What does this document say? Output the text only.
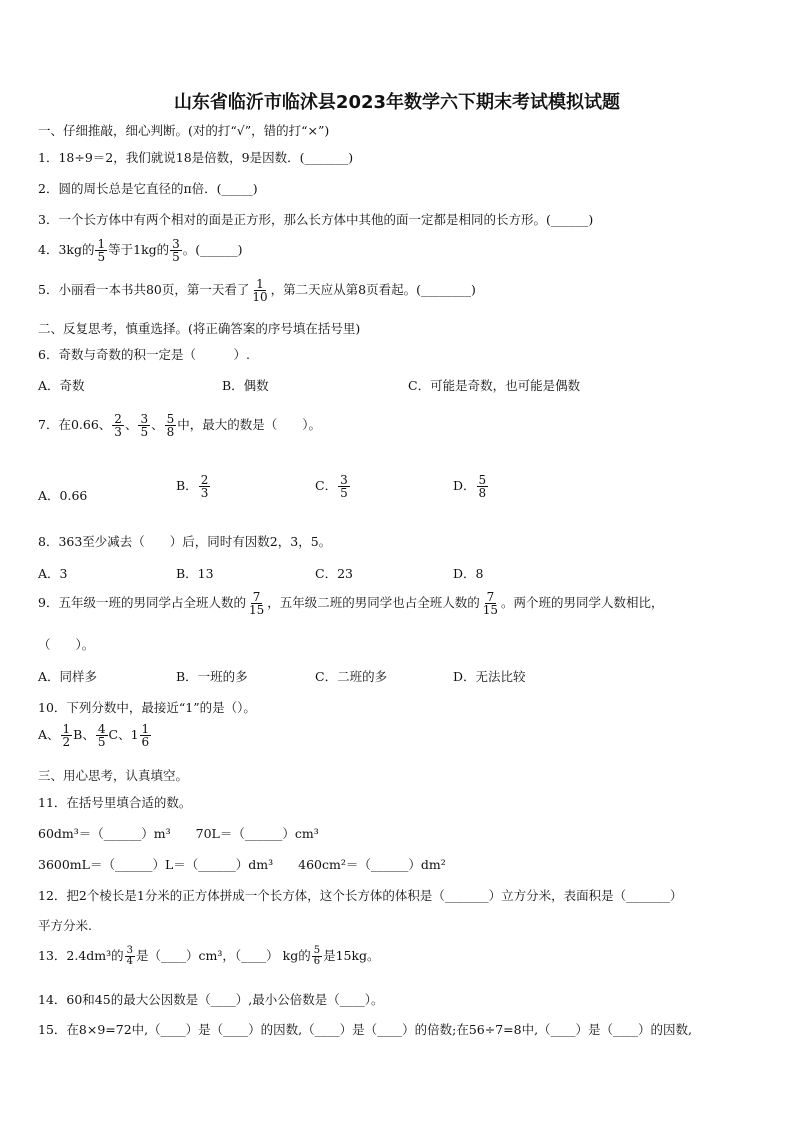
山东省临沂市临沭县2023年数学六下期末考试模拟试题
一、仔细推敲，细心判断。(对的打“√”，错的打“×”)
1．18÷9＝2，我们就说18是倍数，9是因数．(_______)
2．圆的周长总是它直径的π倍．(_____)
3．一个长方体中有两个相对的面是正方形，那么长方体中其他的面一定都是相同的长方形。(______)
4．3kg的 $\frac{1}{5}$ 等于1kg的 $\frac{3}{5}$ 。(______)
5．小丽看一本书共80页，第一天看了 $\frac{1}{10}$ ，第二天应从第8页看起。(________)
二、反复思考，慎重选择。(将正确答案的序号填在括号里)
6．奇数与奇数的积一定是（　　　）.
A．奇数	B．偶数	C．可能是奇数，也可能是偶数
7．在0.66、 $\frac{2}{3}$ 、 $\frac{3}{5}$ 、 $\frac{5}{8}$ 中，最大的数是（　　）。
A．0.66
B． $\frac{2}{3}$	C． $\frac{3}{5}$	D． $\frac{5}{8}$
8．363至少减去（　　）后，同时有因数2，3，5。
A．3	B．13	C．23	D．8
9．五年级一班的男同学占全班人数的 $\frac{7}{15}$ ，五年级二班的男同学也占全班人数的 $\frac{7}{15}$ 。两个班的男同学人数相比，
（　　）。
A．同样多	B．一班的多	C．二班的多	D．无法比较
10．下列分数中，最接近“1”的是（）。
A、 $\frac{1}{2}$ B、 $\frac{4}{5}$ C、$1 \frac{1}{6}$
三、用心思考，认真填空。
11．在括号里填合适的数。
60dm³＝（______）m³　　70L＝（______）cm³
3600mL＝（______）L＝（______）dm³　　460cm²＝（______）dm²
12．把2个棱长是1分米的正方体拼成一个长方体，这个长方体的体积是（_______）立方分米，表面积是（_______）
平方分米.
13．2.4dm³的 $\frac{3}{4}$ 是（____）cm³，（____） kg的 $\frac{5}{6}$ 是15kg。
14．60和45的最大公因数是（____）,最小公倍数是（____）。
15．在8×9=72中,（____）是（____）的因数,（____）是（____）的倍数;在56÷7=8中,（____）是（____）的因数,
